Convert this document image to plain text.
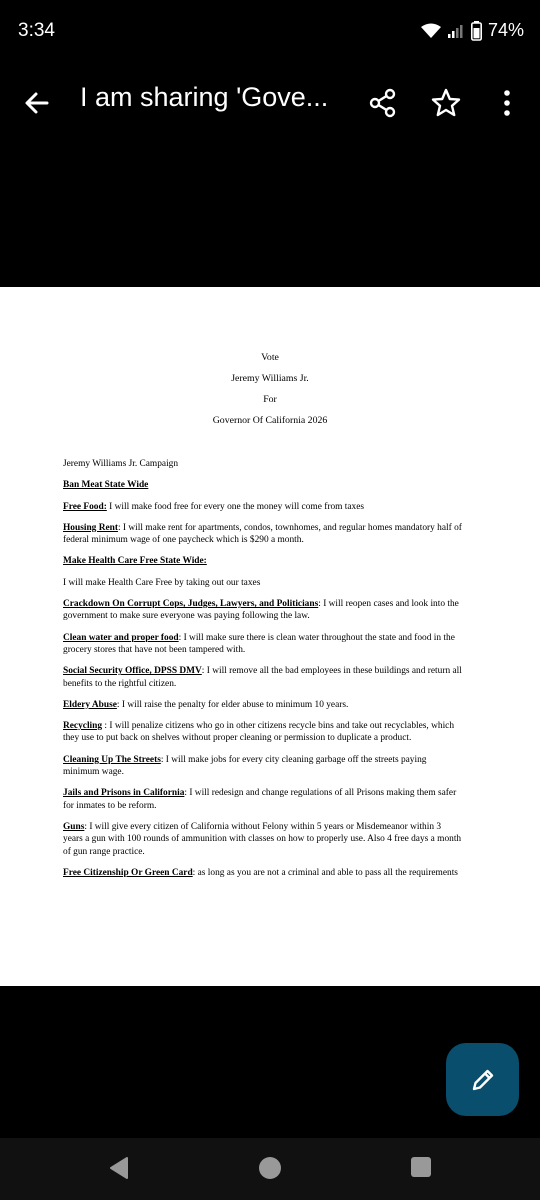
3:34	74%
I am sharing 'Gove...
Vote
Jeremy Williams Jr.
For
Governor Of California 2026

Jeremy Williams Jr. Campaign

Ban Meat State Wide

Free Food: I will make food free for every one the money will come from taxes

Housing Rent: I will make rent for apartments, condos, townhomes, and regular homes mandatory half of federal minimum wage of one paycheck which is $290 a month.

Make Health Care Free State Wide:

I will make Health Care Free by taking out our taxes

Crackdown On Corrupt Cops, Judges, Lawyers, and Politicians: I will reopen cases and look into the government to make sure everyone was paying following the law.

Clean water and proper food: I will make sure there is clean water throughout the state and food in the grocery stores that have not been tampered with.

Social Security Office, DPSS DMV: I will remove all the bad employees in these buildings and return all benefits to the rightful citizen.

Eldery Abuse: I will raise the penalty for elder abuse to minimum 10 years.

Recycling : I will penalize citizens who go in other citizens recycle bins and take out recyclables, which they use to put back on shelves without proper cleaning or permission to duplicate a product.

Cleaning Up The Streets: I will make jobs for every city cleaning garbage off the streets paying minimum wage.

Jails and Prisons in California: I will redesign and change regulations of all Prisons making them safer for inmates to be reform.

Guns: I will give every citizen of California without Felony within 5 years or Misdemeanor within 3 years a gun with 100 rounds of ammunition with classes on how to properly use. Also 4 free days a month of gun range practice.

Free Citizenship Or Green Card: as long as you are not a criminal and able to pass all the requirements
